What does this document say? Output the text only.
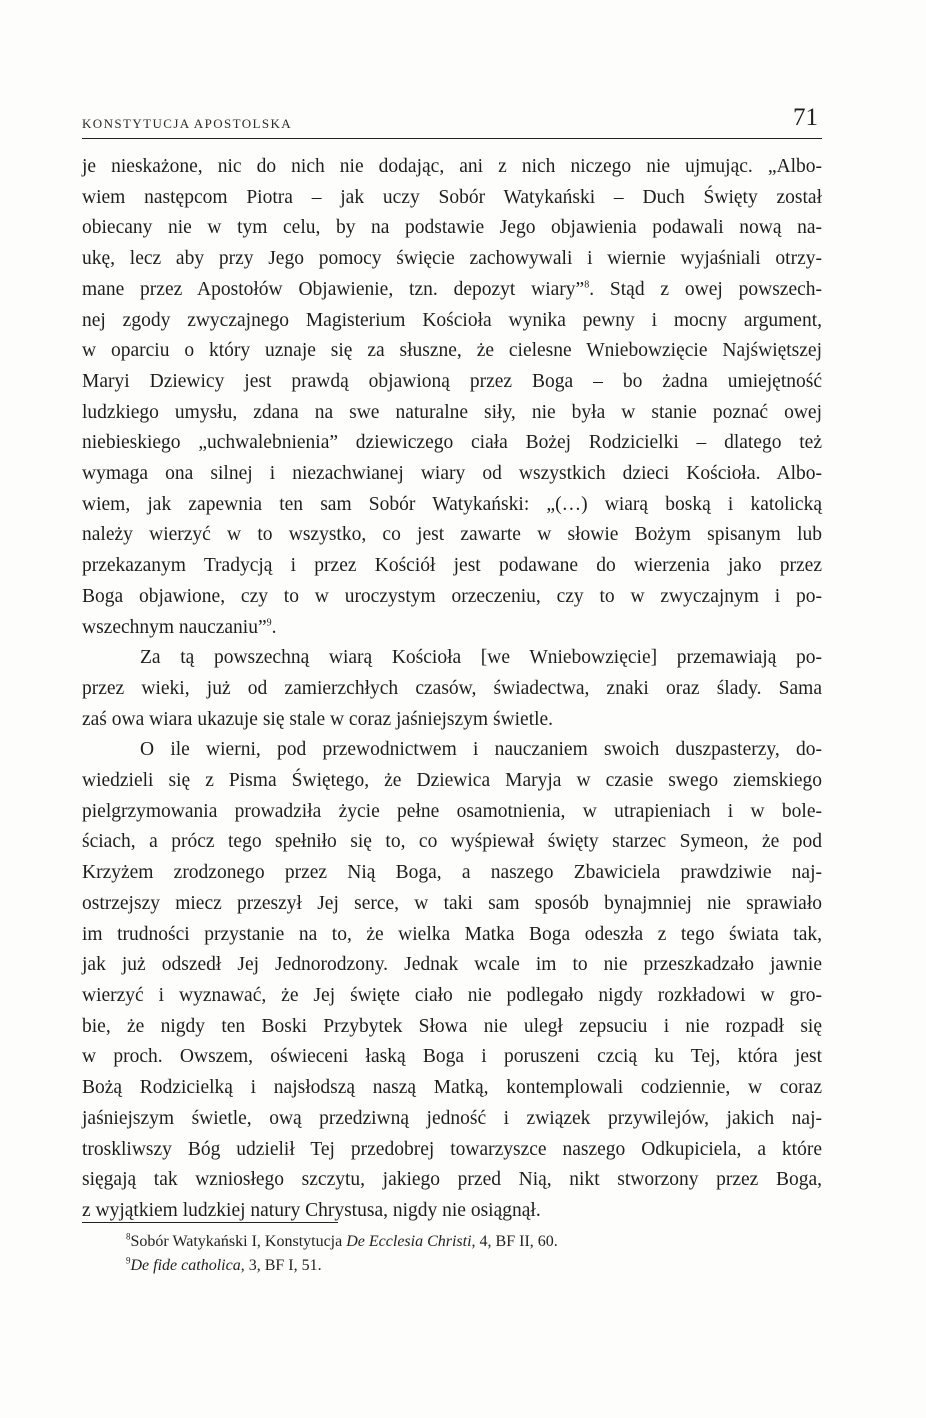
KONSTYTUCJA APOSTOLSKA	71

je nieskażone, nic do nich nie dodając, ani z nich niczego nie ujmując. „Albo-
wiem następcom Piotra – jak uczy Sobór Watykański – Duch Święty został
obiecany nie w tym celu, by na podstawie Jego objawienia podawali nową na-
ukę, lecz aby przy Jego pomocy święcie zachowywali i wiernie wyjaśniali otrzy-
mane przez Apostołów Objawienie, tzn. depozyt wiary”$^8$. Stąd z owej powszech-
nej zgody zwyczajnego Magisterium Kościoła wynika pewny i mocny argument,
w oparciu o który uznaje się za słuszne, że cielesne Wniebowzięcie Najświętszej
Maryi Dziewicy jest prawdą objawioną przez Boga – bo żadna umiejętność
ludzkiego umysłu, zdana na swe naturalne siły, nie była w stanie poznać owej
niebieskiego „uchwalebnienia” dziewiczego ciała Bożej Rodzicielki – dlatego też
wymaga ona silnej i niezachwianej wiary od wszystkich dzieci Kościoła. Albo-
wiem, jak zapewnia ten sam Sobór Watykański: „(…) wiarą boską i katolicką
należy wierzyć w to wszystko, co jest zawarte w słowie Bożym spisanym lub
przekazanym Tradycją i przez Kościół jest podawane do wierzenia jako przez
Boga objawione, czy to w uroczystym orzeczeniu, czy to w zwyczajnym i po-
wszechnym nauczaniu”$^9$.

Za tą powszechną wiarą Kościoła [we Wniebowzięcie] przemawiają po-
przez wieki, już od zamierzchłych czasów, świadectwa, znaki oraz ślady. Sama
zaś owa wiara ukazuje się stale w coraz jaśniejszym świetle.

O ile wierni, pod przewodnictwem i nauczaniem swoich duszpasterzy, do-
wiedzieli się z Pisma Świętego, że Dziewica Maryja w czasie swego ziemskiego
pielgrzymowania prowadziła życie pełne osamotnienia, w utrapieniach i w bole-
ściach, a prócz tego spełniło się to, co wyśpiewał święty starzec Symeon, że pod
Krzyżem zrodzonego przez Nią Boga, a naszego Zbawiciela prawdziwie naj-
ostrzejszy miecz przeszył Jej serce, w taki sam sposób bynajmniej nie sprawiało
im trudności przystanie na to, że wielka Matka Boga odeszła z tego świata tak,
jak już odszedł Jej Jednorodzony. Jednak wcale im to nie przeszkadzało jawnie
wierzyć i wyznawać, że Jej święte ciało nie podlegało nigdy rozkładowi w gro-
bie, że nigdy ten Boski Przybytek Słowa nie uległ zepsuciu i nie rozpadł się
w proch. Owszem, oświeceni łaską Boga i poruszeni czcią ku Tej, która jest
Bożą Rodzicielką i najsłodszą naszą Matką, kontemplowali codziennie, w coraz
jaśniejszym świetle, ową przedziwną jedność i związek przywilejów, jakich naj-
troskliwszy Bóg udzielił Tej przedobrej towarzyszce naszego Odkupiciela, a które
sięgają tak wzniosłego szczytu, jakiego przed Nią, nikt stworzony przez Boga,
z wyjątkiem ludzkiej natury Chrystusa, nigdy nie osiągnął.

$^8$Sobór Watykański I, Konstytucja De Ecclesia Christi, 4, BF II, 60.
$^9$De fide catholica, 3, BF I, 51.
